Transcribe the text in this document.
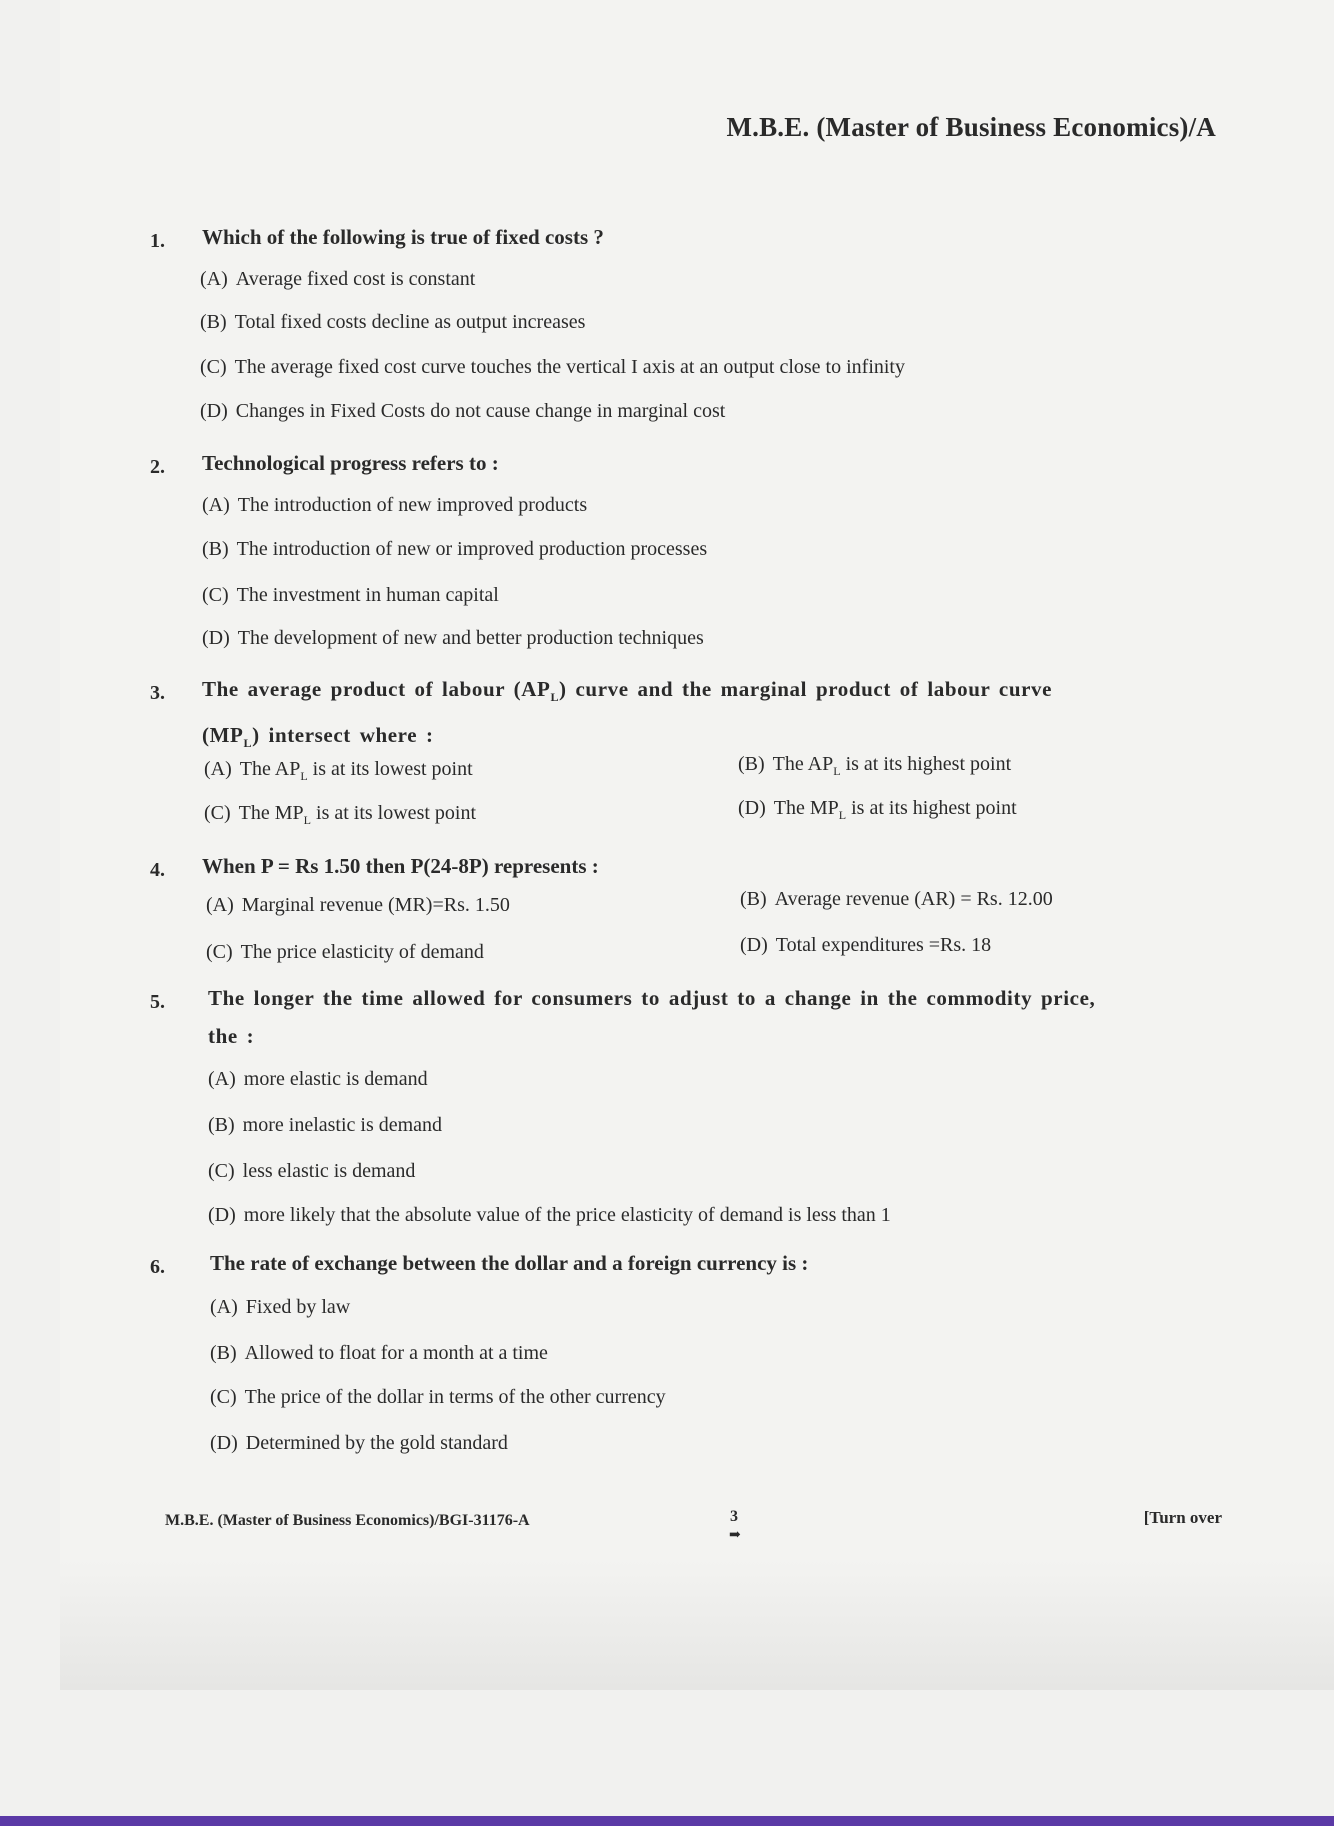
M.B.E. (Master of Business Economics)/A
1. Which of the following is true of fixed costs ?
(A) Average fixed cost is constant
(B) Total fixed costs decline as output increases
(C) The average fixed cost curve touches the vertical I axis at an output close to infinity
(D) Changes in Fixed Costs do not cause change in marginal cost
2. Technological progress refers to :
(A) The introduction of new improved products
(B) The introduction of new or improved production processes
(C) The investment in human capital
(D) The development of new and better production techniques
3. The average product of labour $(AP_L)$ curve and the marginal product of labour curve
$(MP_L)$ intersect where :
(A) The $AP_L$ is at its lowest point	(B) The $AP_L$ is at its highest point
(C) The $MP_L$ is at its lowest point	(D) The $MP_L$ is at its highest point
4. When P = Rs 1.50 then P(24-8P) represents :
(A) Marginal revenue (MR)=Rs. 1.50	(B) Average revenue (AR) = Rs. 12.00
(C) The price elasticity of demand	(D) Total expenditures =Rs. 18
5. The longer the time allowed for consumers to adjust to a change in the commodity price,
the :
(A) more elastic is demand
(B) more inelastic is demand
(C) less elastic is demand
(D) more likely that the absolute value of the price elasticity of demand is less than 1
6. The rate of exchange between the dollar and a foreign currency is :
(A) Fixed by law
(B) Allowed to float for a month at a time
(C) The price of the dollar in terms of the other currency
(D) Determined by the gold standard
M.B.E. (Master of Business Economics)/BGI-31176-A	3
➡
[Turn over
